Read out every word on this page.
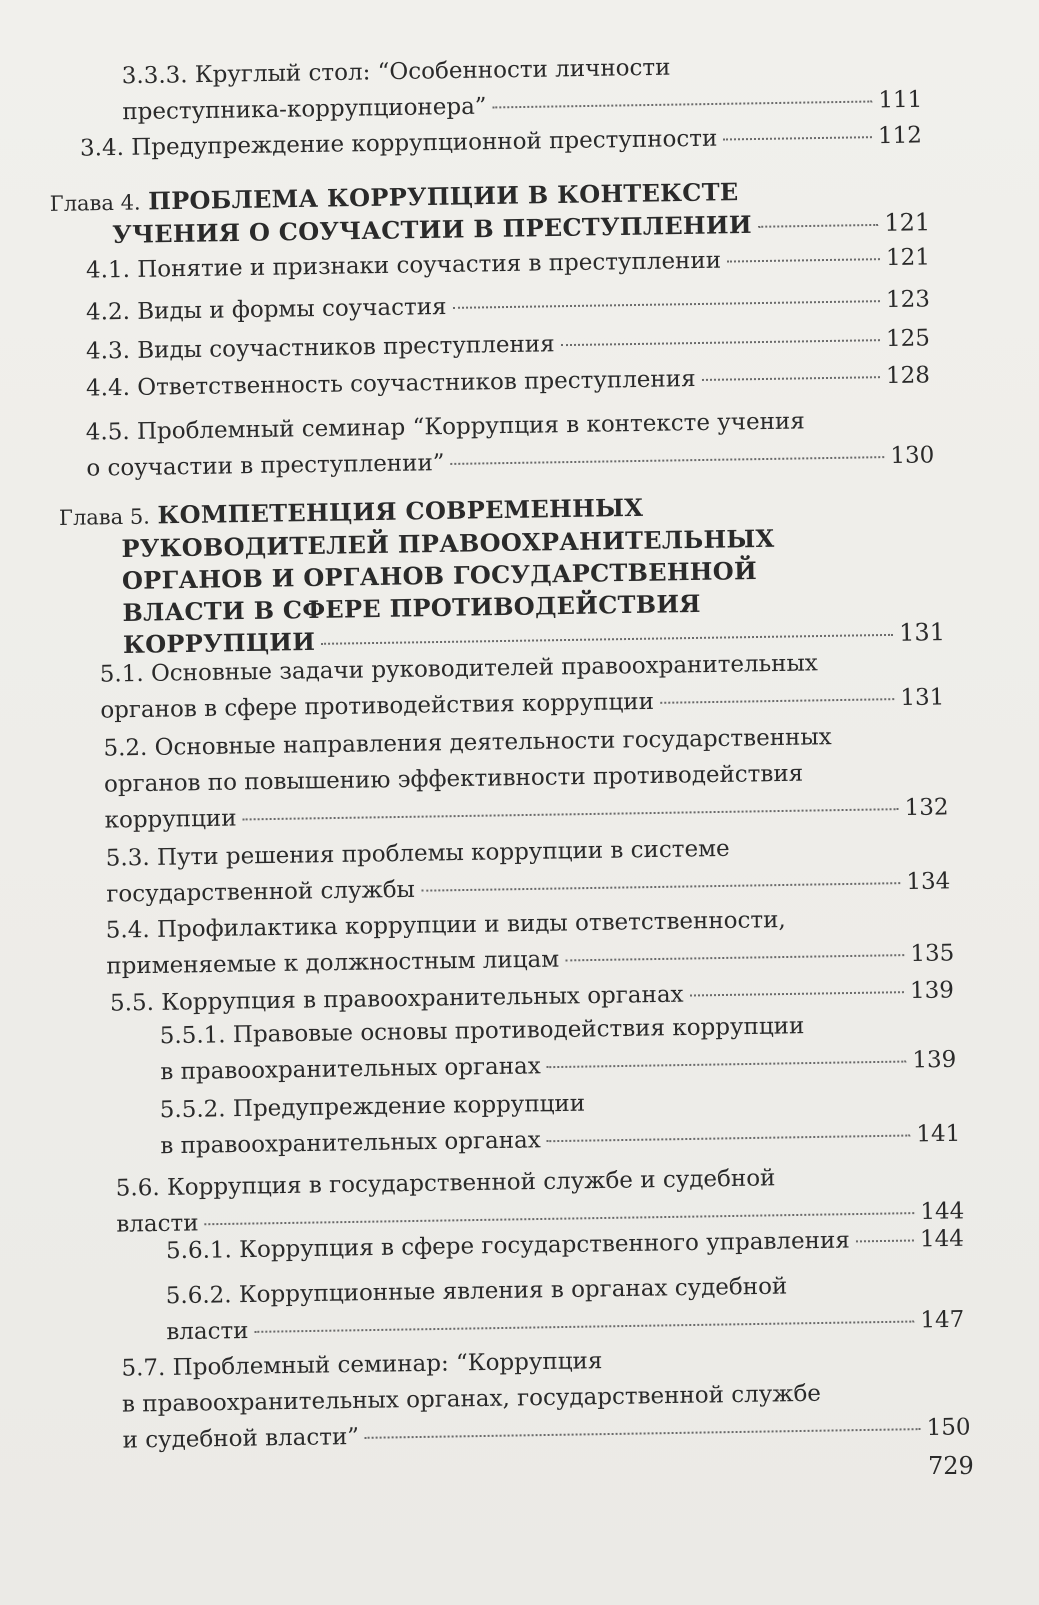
3.3.3. Круглый стол: “Особенности личности
преступника-коррупционера”	111
3.4. Предупреждение коррупционной преступности	112
Глава 4. ПРОБЛЕМА КОРРУПЦИИ В КОНТЕКСТЕ
УЧЕНИЯ О СОУЧАСТИИ В ПРЕСТУПЛЕНИИ	121
4.1. Понятие и признаки соучастия в преступлении	121
4.2. Виды и формы соучастия	123
4.3. Виды соучастников преступления	125
4.4. Ответственность соучастников преступления	128
4.5. Проблемный семинар “Коррупция в контексте учения
о соучастии в преступлении”	130
Глава 5. КОМПЕТЕНЦИЯ СОВРЕМЕННЫХ
РУКОВОДИТЕЛЕЙ ПРАВООХРАНИТЕЛЬНЫХ
ОРГАНОВ И ОРГАНОВ ГОСУДАРСТВЕННОЙ
ВЛАСТИ В СФЕРЕ ПРОТИВОДЕЙСТВИЯ
КОРРУПЦИИ	131
5.1. Основные задачи руководителей правоохранительных
органов в сфере противодействия коррупции	131
5.2. Основные направления деятельности государственных
органов по повышению эффективности противодействия
коррупции	132
5.3. Пути решения проблемы коррупции в системе
государственной службы	134
5.4. Профилактика коррупции и виды ответственности,
применяемые к должностным лицам	135
5.5. Коррупция в правоохранительных органах	139
5.5.1. Правовые основы противодействия коррупции
в правоохранительных органах	139
5.5.2. Предупреждение коррупции
в правоохранительных органах	141
5.6. Коррупция в государственной службе и судебной
власти	144
5.6.1. Коррупция в сфере государственного управления	144
5.6.2. Коррупционные явления в органах судебной
власти	147
5.7. Проблемный семинар: “Коррупция
в правоохранительных органах, государственной службе
и судебной власти”	150
729
